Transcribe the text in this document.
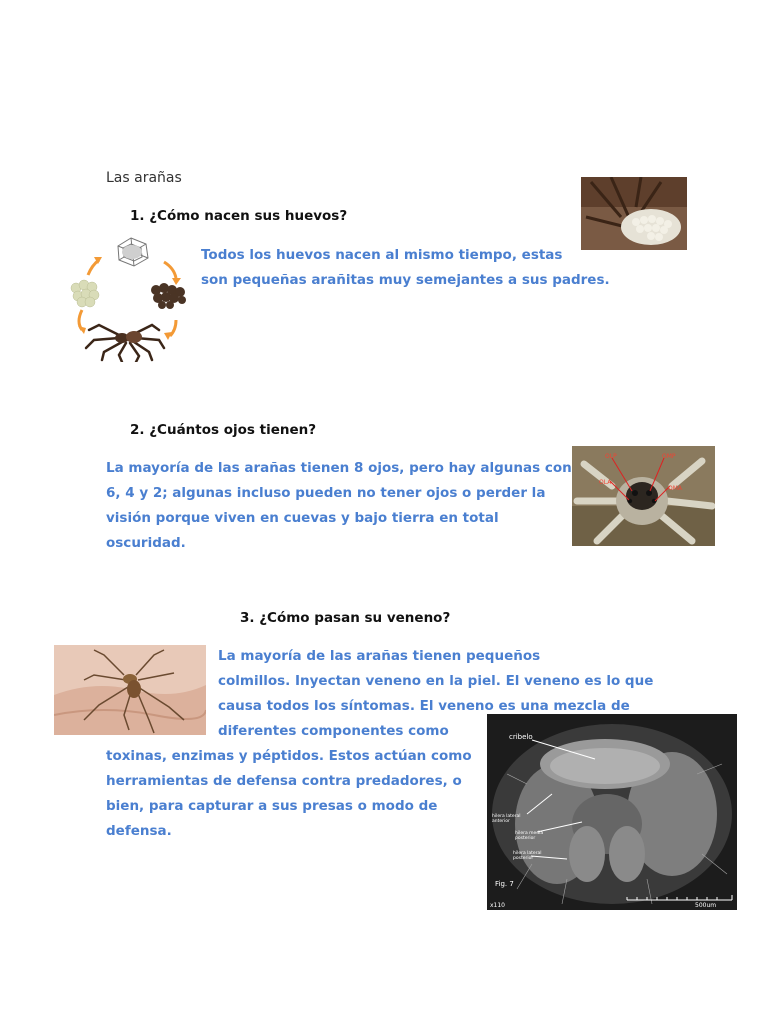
Las arañas
1. ¿Cómo nacen sus huevos?
Todos los huevos nacen al mismo tiempo, estas
son pequeñas arañitas muy semejantes a sus padres.
2. ¿Cuántos ojos tienen?
La mayoría de las arañas tienen 8 ojos, pero hay algunas con
6, 4 y 2; algunas incluso pueden no tener ojos o perder la
visión porque viven en cuevas y bajo tierra en total
oscuridad.
OLP	OMP
OLA
OMA
3. ¿Cómo pasan su veneno?
La mayoría de las arañas tienen pequeños
colmillos. Inyectan veneno en la piel. El veneno es lo que
causa todos los síntomas. El veneno es una mezcla de
diferentes componentes como
toxinas, enzimas y péptidos. Estos actúan como
herramientas de defensa contra predadores, o
bien, para capturar a sus presas o modo de
defensa.
cribelo
hilera lateral
anterior
hilera media
posterior
hilera lateral
posterior
Fig. 7
x110	500um
